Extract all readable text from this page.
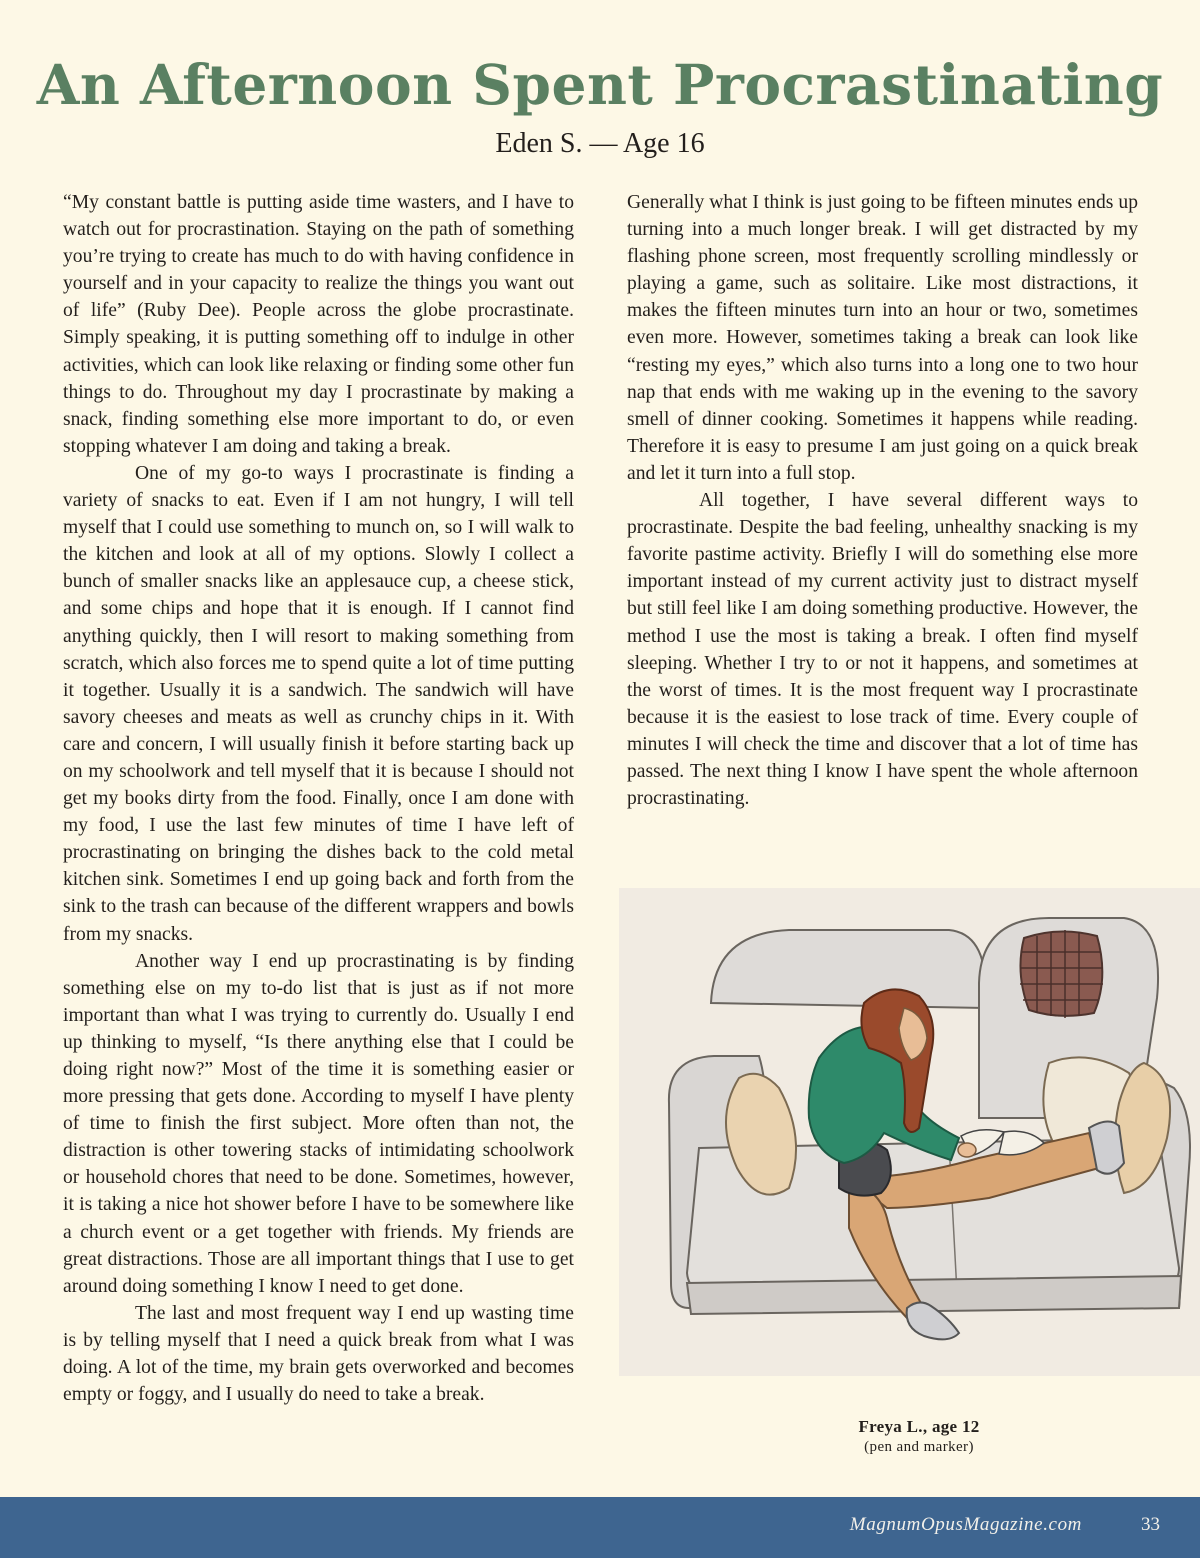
An Afternoon Spent Procrastinating
Eden S. — Age 16

“My constant battle is putting aside time wasters, and I have to watch out for procrastination. Staying on the path of something you’re trying to create has much to do with having confidence in yourself and in your capacity to realize the things you want out of life” (Ruby Dee). People across the globe procrastinate. Simply speaking, it is putting something off to indulge in other activities, which can look like relaxing or finding some other fun things to do. Throughout my day I procrastinate by making a snack, finding something else more important to do, or even stopping whatever I am doing and taking a break.

One of my go-to ways I procrastinate is finding a variety of snacks to eat. Even if I am not hungry, I will tell myself that I could use something to munch on, so I will walk to the kitchen and look at all of my options. Slowly I collect a bunch of smaller snacks like an applesauce cup, a cheese stick, and some chips and hope that it is enough. If I cannot find anything quickly, then I will resort to making something from scratch, which also forces me to spend quite a lot of time putting it together. Usually it is a sandwich. The sandwich will have savory cheeses and meats as well as crunchy chips in it. With care and concern, I will usually finish it before starting back up on my schoolwork and tell myself that it is because I should not get my books dirty from the food. Finally, once I am done with my food, I use the last few minutes of time I have left of procrastinating on bringing the dishes back to the cold metal kitchen sink. Sometimes I end up going back and forth from the sink to the trash can because of the different wrappers and bowls from my snacks.

Another way I end up procrastinating is by finding something else on my to-do list that is just as if not more important than what I was trying to currently do. Usually I end up thinking to myself, “Is there anything else that I could be doing right now?” Most of the time it is something easier or more pressing that gets done. According to myself I have plenty of time to finish the first subject. More often than not, the distraction is other towering stacks of intimidating schoolwork or household chores that need to be done. Sometimes, however, it is taking a nice hot shower before I have to be somewhere like a church event or a get together with friends. My friends are great distractions. Those are all important things that I use to get around doing something I know I need to get done.

The last and most frequent way I end up wasting time is by telling myself that I need a quick break from what I was doing. A lot of the time, my brain gets overworked and becomes empty or foggy, and I usually do need to take a break.

Generally what I think is just going to be fifteen minutes ends up turning into a much longer break. I will get distracted by my flashing phone screen, most frequently scrolling mindlessly or playing a game, such as solitaire. Like most distractions, it makes the fifteen minutes turn into an hour or two, sometimes even more. However, sometimes taking a break can look like “resting my eyes,” which also turns into a long one to two hour nap that ends with me waking up in the evening to the savory smell of dinner cooking. Sometimes it happens while reading. Therefore it is easy to presume I am just going on a quick break and let it turn into a full stop.

All together, I have several different ways to procrastinate. Despite the bad feeling, unhealthy snacking is my favorite pastime activity. Briefly I will do something else more important instead of my current activity just to distract myself but still feel like I am doing something productive. However, the method I use the most is taking a break. I often find myself sleeping. Whether I try to or not it happens, and sometimes at the worst of times. It is the most frequent way I procrastinate because it is the easiest to lose track of time. Every couple of minutes I will check the time and discover that a lot of time has passed. The next thing I know I have spent the whole afternoon procrastinating.

Freya L., age 12
(pen and marker)
MagnumOpusMagazine.com	33
